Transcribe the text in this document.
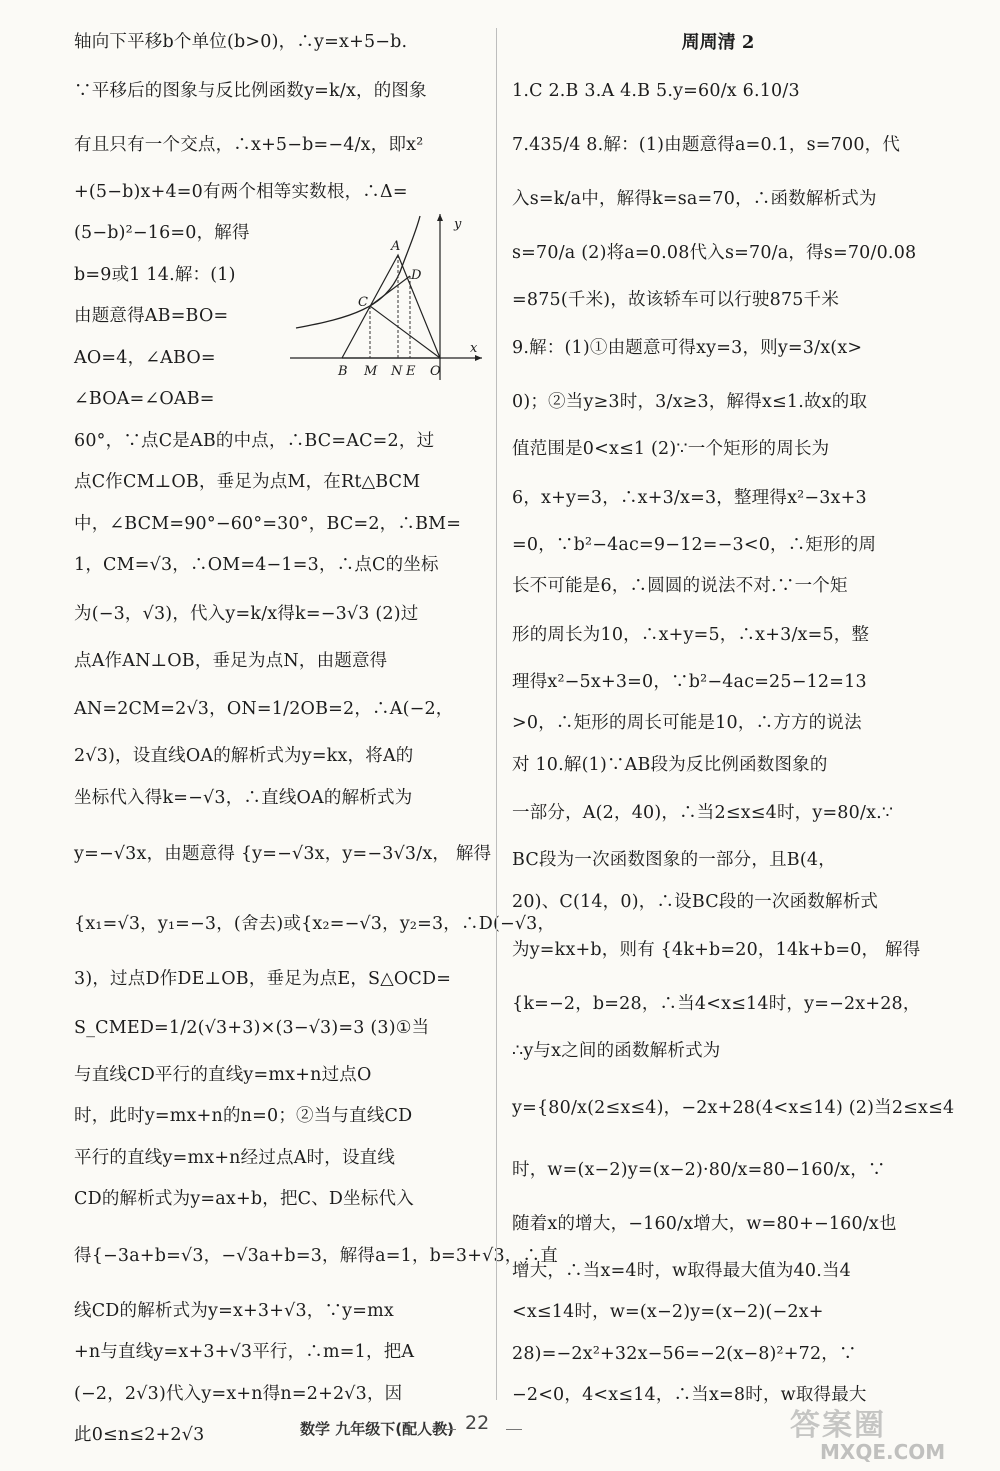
轴向下平移b个单位(b>0)，∴y=x+5−b.
∵平移后的图象与反比例函数y=k/x，的图象
有且只有一个交点，∴x+5−b=−4/x，即x²
+(5−b)x+4=0有两个相等实数根，∴Δ=
(5−b)²−16=0，解得
b=9或1 14.解：(1)
由题意得AB=BO=
AO=4，∠ABO=
∠BOA=∠OAB=
60°，∵点C是AB的中点，∴BC=AC=2，过
点C作CM⊥OB，垂足为点M，在Rt△BCM
中，∠BCM=90°−60°=30°，BC=2，∴BM=
1，CM=√3，∴OM=4−1=3，∴点C的坐标
为(−3，√3)，代入y=k/x得k=−3√3 (2)过
点A作AN⊥OB，垂足为点N，由题意得
AN=2CM=2√3，ON=1/2OB=2，∴A(−2，
2√3)，设直线OA的解析式为y=kx，将A的
坐标代入得k=−√3，∴直线OA的解析式为
y=−√3x，由题意得 {y=−√3x，y=−3√3/x， 解得
{x₁=√3，y₁=−3，(舍去)或{x₂=−√3，y₂=3，∴D(−√3，
3)，过点D作DE⊥OB，垂足为点E，S△OCD=
S_CMED=1/2(√3+3)×(3−√3)=3 (3)①当
与直线CD平行的直线y=mx+n过点O
时，此时y=mx+n的n=0；②当与直线CD
平行的直线y=mx+n经过点A时，设直线
CD的解析式为y=ax+b，把C、D坐标代入
得{−3a+b=√3，−√3a+b=3，解得a=1，b=3+√3，∴直
线CD的解析式为y=x+3+√3，∵y=mx
+n与直线y=x+3+√3平行，∴m=1，把A
(−2，2√3)代入y=x+n得n=2+2√3，因
此0≤n≤2+2√3
y
x
A
C
D
B M N E O
周周清 2
1.C 2.B 3.A 4.B 5.y=60/x 6.10/3
7.435/4 8.解：(1)由题意得a=0.1，s=700，代
入s=k/a中，解得k=sa=70，∴函数解析式为
s=70/a (2)将a=0.08代入s=70/a，得s=70/0.08
=875(千米)，故该轿车可以行驶875千米
9.解：(1)①由题意可得xy=3，则y=3/x(x>
0)；②当y≥3时，3/x≥3，解得x≤1.故x的取
值范围是0<x≤1 (2)∵一个矩形的周长为
6，x+y=3，∴x+3/x=3，整理得x²−3x+3
=0，∵b²−4ac=9−12=−3<0，∴矩形的周
长不可能是6，∴圆圆的说法不对.∵一个矩
形的周长为10，∴x+y=5，∴x+3/x=5，整
理得x²−5x+3=0，∵b²−4ac=25−12=13
>0，∴矩形的周长可能是10，∴方方的说法
对 10.解(1)∵AB段为反比例函数图象的
一部分，A(2，40)，∴当2≤x≤4时，y=80/x.∵
BC段为一次函数图象的一部分，且B(4，
20)、C(14，0)，∴设BC段的一次函数解析式
为y=kx+b，则有 {4k+b=20，14k+b=0， 解得
{k=−2，b=28，∴当4<x≤14时，y=−2x+28，
∴y与x之间的函数解析式为
y={80/x(2≤x≤4)，−2x+28(4<x≤14) (2)当2≤x≤4
时，w=(x−2)y=(x−2)·80/x=80−160/x，∵
随着x的增大，−160/x增大，w=80+−160/x也
增大，∴当x=4时，w取得最大值为40.当4
<x≤14时，w=(x−2)y=(x−2)(−2x+
28)=−2x²+32x−56=−2(x−8)²+72，∵
−2<0，4<x≤14，∴当x=8时，w取得最大
数学 九年级下(配人教) 22	答案圈
MXQE.COM
